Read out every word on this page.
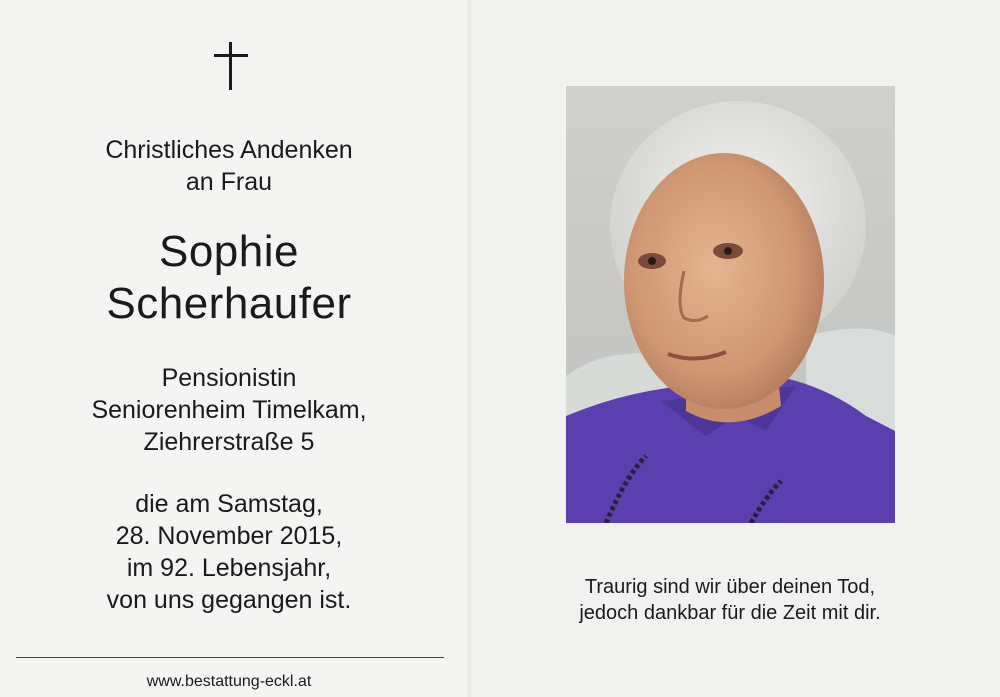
Christliches Andenken
an Frau
Sophie
Scherhaufer
Pensionistin
Seniorenheim Timelkam,
Ziehrerstraße 5
die am Samstag,
28. November 2015,
im 92. Lebensjahr,
von uns gegangen ist.
www.bestattung-eckl.at
Traurig sind wir über deinen Tod,
jedoch dankbar für die Zeit mit dir.
